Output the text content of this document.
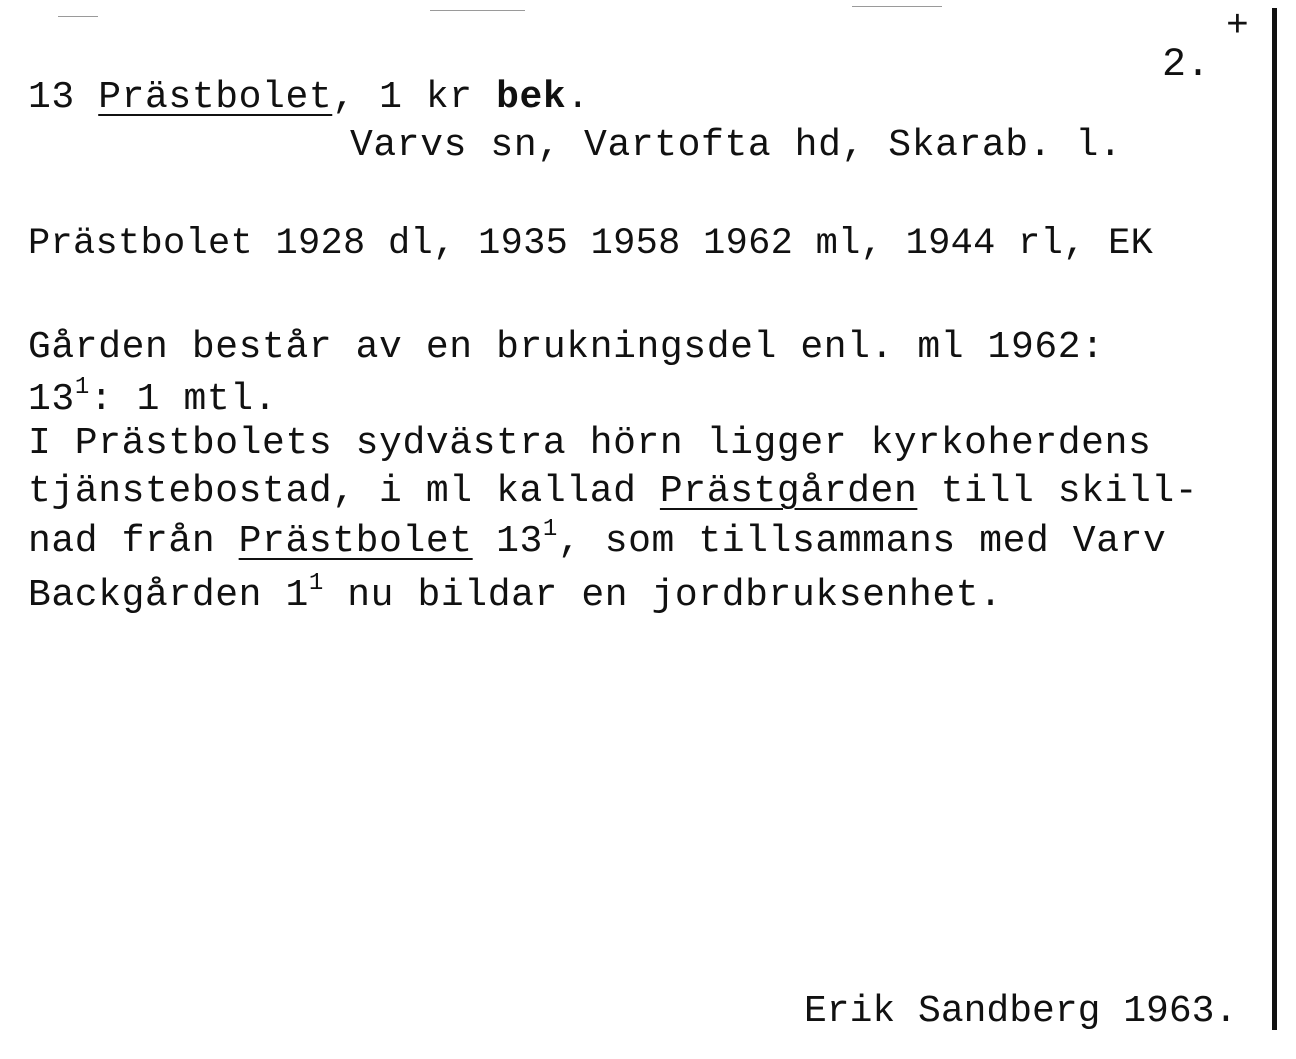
+
2.
13 Prästbolet, 1 kr bek.
Varvs sn, Vartofta hd, Skarab. l.
Prästbolet 1928 dl, 1935 1958 1962 ml, 1944 rl, EK
Gården består av en brukningsdel enl. ml 1962:
$13^1$: 1 mtl.
I Prästbolets sydvästra hörn ligger kyrkoherdens
tjänstebostad, i ml kallad Prästgården till skill-
nad från Prästbolet $13^1$, som tillsammans med Varv
Backgården $1^1$ nu bildar en jordbruksenhet.
Erik Sandberg 1963.
